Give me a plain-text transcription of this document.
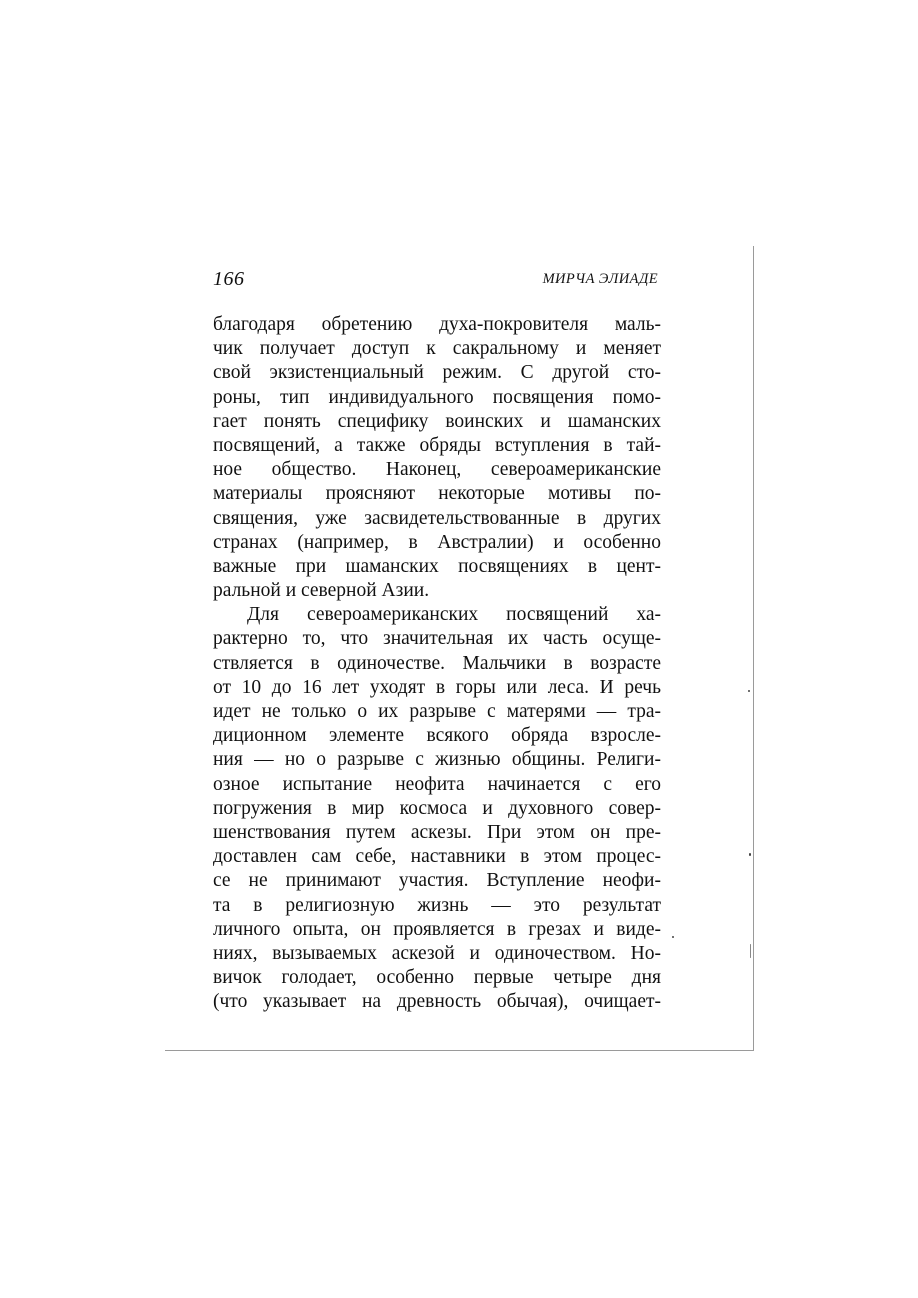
166	МИРЧА ЭЛИАДЕ
благодаря обретению духа-покровителя маль-
чик получает доступ к сакральному и меняет
свой экзистенциальный режим. С другой сто-
роны, тип индивидуального посвящения помо-
гает понять специфику воинских и шаманских
посвящений, а также обряды вступления в тай-
ное общество. Наконец, североамериканские
материалы проясняют некоторые мотивы по-
священия, уже засвидетельствованные в других
странах (например, в Австралии) и особенно
важные при шаманских посвящениях в цент-
ральной и северной Азии.
Для североамериканских посвящений ха-
рактерно то, что значительная их часть осуще-
ствляется в одиночестве. Мальчики в возрасте
от 10 до 16 лет уходят в горы или леса. И речь
идет не только о их разрыве с матерями — тра-
диционном элементе всякого обряда взросле-
ния — но о разрыве с жизнью общины. Религи-
озное испытание неофита начинается с его
погружения в мир космоса и духовного совер-
шенствования путем аскезы. При этом он пре-
доставлен сам себе, наставники в этом процес-
се не принимают участия. Вступление неофи-
та в религиозную жизнь — это результат
личного опыта, он проявляется в грезах и виде-
ниях, вызываемых аскезой и одиночеством. Но-
вичок голодает, особенно первые четыре дня
(что указывает на древность обычая), очищает-
